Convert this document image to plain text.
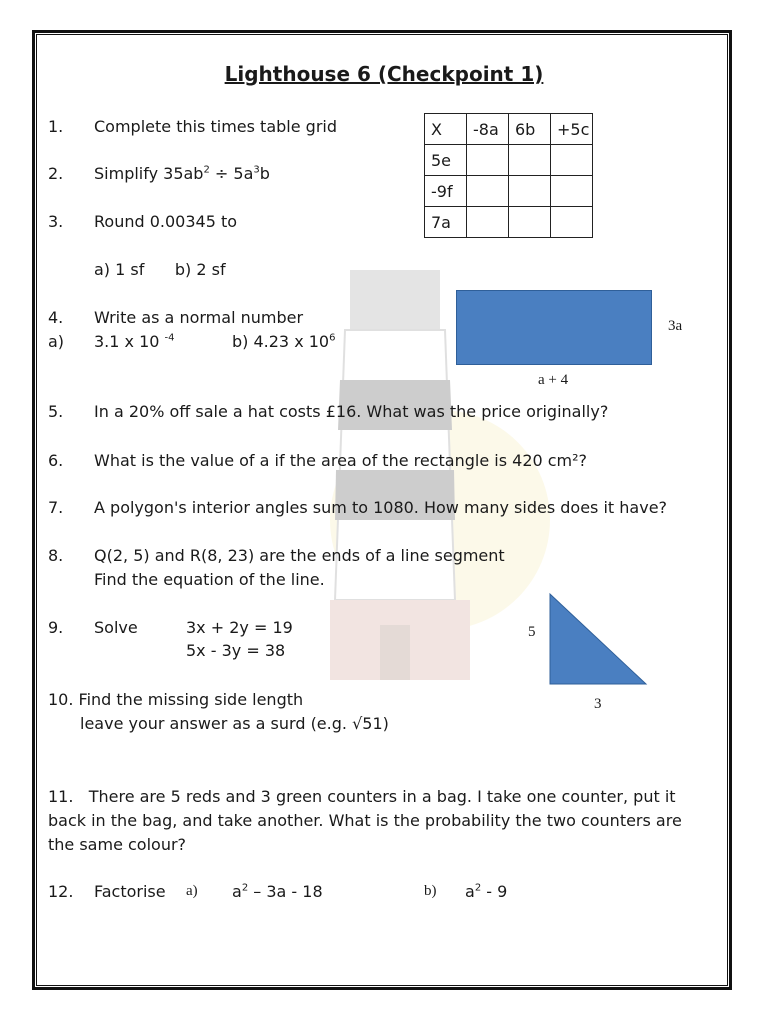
Lighthouse 6 (Checkpoint 1)
1. Complete this times table grid	X	-8a	6b	+5c
5e			
-9f			
7a			
2. Simplify $35ab^2 \div 5a^3b$
3. Round 0.00345 to
a) 1 sf      b) 2 sf
4. Write as a normal number
a) 3.1 x 10 $^{-4}$	b) 4.23 x $10^6$
3a
a + 4
5. In a 20% off sale a hat costs £16. What was the price originally?
6. What is the value of a if the area of the rectangle is 420 cm²?
7. A polygon's interior angles sum to 1080. How many sides does it have?
8. Q(2, 5) and R(8, 23) are the ends of a line segment
Find the equation of the line.
9. Solve	3x + 2y = 19
5x - 3y = 38
5
3
10. Find the missing side length
leave your answer as a surd (e.g. √51)
11.   There are 5 reds and 3 green counters in a bag. I take one counter, put it
back in the bag, and take another. What is the probability the two counters are
the same colour?
12. Factorise a) $a^2 - 3a - 18$	b) $a^2 - 9$
